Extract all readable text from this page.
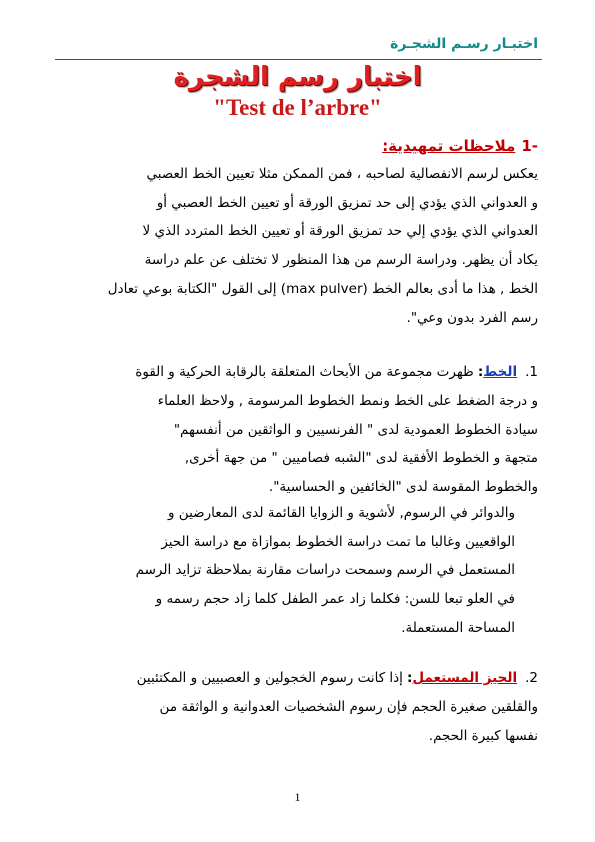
اختبـار رسـم الشجـرة
اختبار رسم الشجرة
"Test de l’arbre"
-1ملاحظات تمهيدية:
يعكس لرسم الانفصالية لصاحبه ، فمن الممكن مثلا تعيين الخط العصبي
و العدواني الذي يؤدي إلى حد تمزيق الورقة أو تعيين الخط العصبي أو
العدواني الذي يؤدي إلي حد تمزيق الورقة أو تعيين الخط المتردد الذي لا
يكاد أن يظهر. ودراسة الرسم من هذا المنظور لا تختلف عن علم دراسة
الخط , هذا ما أدى بعالم الخط (max pulver) إلى القول "الكتابة بوعي تعادل
رسم الفرد بدون وعي".
1.الخط:ظهرت مجموعة من الأبحاث المتعلقة بالرقابة الحركية و القوة
و درجة الضغط على الخط ونمط الخطوط المرسومة , ولاحظ العلماء
سيادة الخطوط العمودية لدى " الفرنسيين و الواثقين من أنفسهم"
متجهة و الخطوط الأفقية لدى "الشبه فصاميين " من جهة أخرى,
والخطوط المقوسة لدى "الخائفين و الحساسية".
والدوائر في الرسوم, لأشوية و الزوايا القائمة لدى المعارضين و
الواقعيين وغالبا ما تمت دراسة الخطوط بموازاة مع دراسة الحيز
المستعمل في الرسم وسمحت دراسات مقارنة بملاحظة تزايد الرسم
في العلو تبعا للسن: فكلما زاد عمر الطفل كلما زاد حجم رسمه و
المساحة المستعملة.
2.الحيز المستعمل:إذا كانت رسوم الخجولين و العصبيين و المكتئبين
والقلقين صغيرة الحجم فإن رسوم الشخصيات العدوانية و الواثقة من
نفسها كبيرة الحجم.
1
